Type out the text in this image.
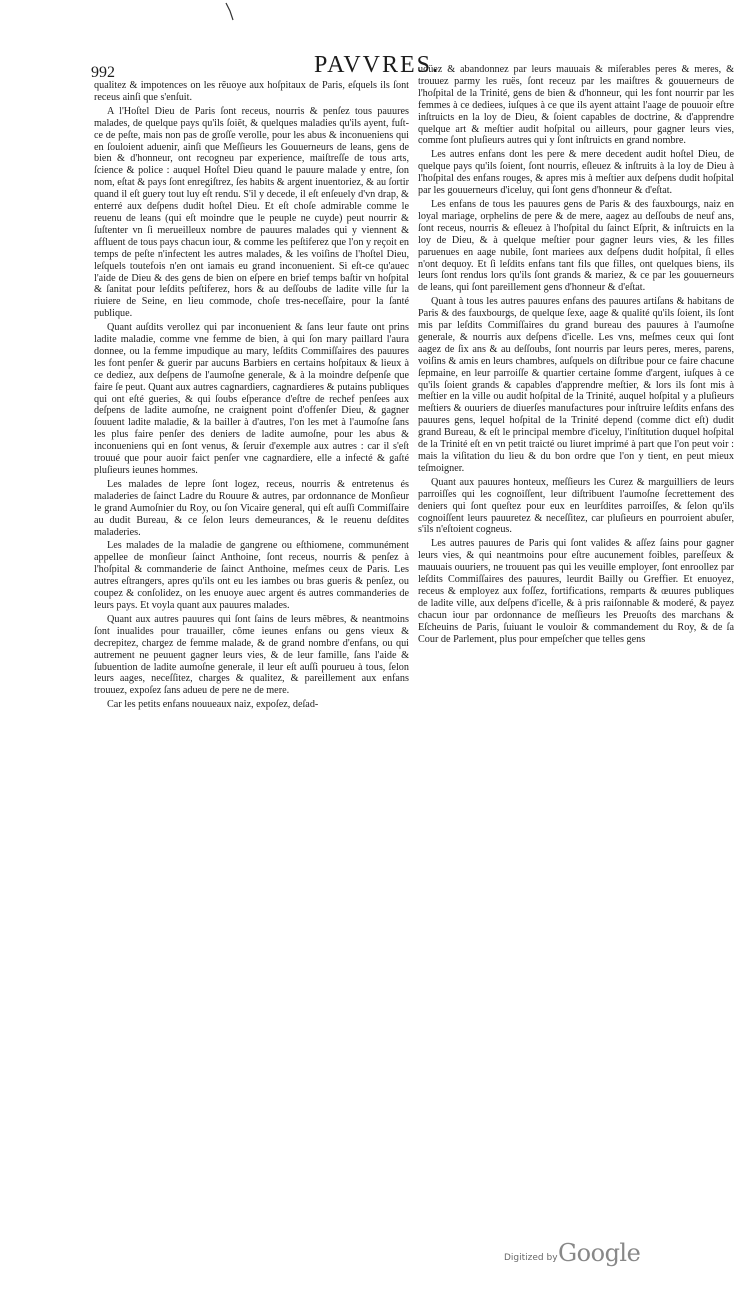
992	PAVVRES.

qualitez & impotences on les rẽuoye aux hoſpitaux de Paris, eſquels ils ſont receus ainſi que s'enſuit.

A l'Hoſtel Dieu de Paris ſont receus, nourris & penſez tous pauures malades, de quelque pays qu'ils ſoiẽt, & quelques maladies qu'ils ayent, fuſt-ce de peſte, mais non pas de groſſe verolle, pour les abus & inconueniens qui en ſouloient aduenir, ainſi que Meſſieurs les Gouuerneurs de leans, gens de bien & d'honneur, ont recogneu par experience, maiſtreſſe de tous arts, ſcience & police : auquel Hoſtel Dieu quand le pauure malade y entre, ſon nom, eſtat & pays ſont enregiſtrez, ſes habits & argent inuentoriez, & au ſortir quand il eſt guery tout luy eſt rendu. S'il y decede, il eſt enſeuely d'vn drap, & enterré aux deſpens dudit hoſtel Dieu. Et eſt choſe admirable comme le reuenu de leans (qui eſt moindre que le peuple ne cuyde) peut nourrir & ſuſtenter vn ſi merueilleux nombre de pauures malades qui y viennent & affluent de tous pays chacun iour, & comme les peſtiferez que l'on y reçoit en temps de peſte n'infectent les autres malades, & les voiſins de l'hoſtel Dieu, leſquels toutefois n'en ont iamais eu grand inconuenient. Si eſt-ce qu'auec l'aide de Dieu & des gens de bien on eſpere en brief temps baſtir vn hoſpital & ſanitat pour leſdits peſtiferez, hors & au deſſoubs de ladite ville ſur la riuiere de Seine, en lieu commode, choſe tres-neceſſaire, pour la ſanté publique.

Quant auſdits verollez qui par inconuenient & ſans leur faute ont prins ladite maladie, comme vne femme de bien, à qui ſon mary paillard l'aura donnee, ou la femme impudique au mary, leſdits Commiſſaires des pauures les font penſer & guerir par aucuns Barbiers en certains hoſpitaux & lieux à ce dediez, aux deſpens de l'aumoſne generale, & à la moindre deſpenſe que faire ſe peut. Quant aux autres cagnardiers, cagnardieres & putains publiques qui ont eſté gueries, & qui ſoubs eſperance d'eſtre de rechef penſees aux deſpens de ladite aumoſne, ne craignent point d'offenſer Dieu, & gagner ſouuent ladite maladie, & la bailler à d'autres, l'on les met à l'aumoſne ſans les plus faire penſer des deniers de ladite aumoſne, pour les abus & inconueniens qui en ſont venus, & ſeruir d'exemple aux autres : car il s'eſt trouué que pour auoir faict penſer vne cagnardiere, elle a infecté & gaſté pluſieurs ieunes hommes.

Les malades de lepre ſont logez, receus, nourris & entretenus és maladeries de ſainct Ladre du Rouure & autres, par ordonnance de Monſieur le grand Aumoſnier du Roy, ou ſon Vicaire general, qui eſt auſſi Commiſſaire au dudit Bureau, & ce ſelon leurs demeurances, & le reuenu deſdites maladeries.

Les malades de la maladie de gangrene ou eſthiomene, communément appellee de monſieur ſainct Anthoine, ſont receus, nourris & penſez à l'hoſpital & commanderie de ſainct Anthoine, meſmes ceux de Paris. Les autres eſtrangers, apres qu'ils ont eu les iambes ou bras gueris & penſez, ou coupez & conſolidez, on les enuoye auec argent és autres commanderies de leurs pays. Et voyla quant aux pauures malades.

Quant aux autres pauures qui ſont ſains de leurs mẽbres, & neantmoins ſont inualides pour trauailler, cõme ieunes enfans ou gens vieux & decrepitez, chargez de femme malade, & de grand nombre d'enfans, ou qui autrement ne peuuent gagner leurs vies, & de leur famille, ſans l'aide & ſubuention de ladite aumoſne generale, il leur eſt auſſi pourueu à tous, ſelon leurs aages, neceſſitez, charges & qualitez, & pareillement aux enfans trouuez, expoſez ſans adueu de pere ne de mere.

Car les petits enfans nouueaux naiz, expoſez, deſad-

uoüez & abandonnez par leurs mauuais & miſerables peres & meres, & trouuez parmy les ruës, ſont receuz par les maiſtres & gouuerneurs de l'hoſpital de la Trinité, gens de bien & d'honneur, qui les font nourrir par les femmes à ce dediees, iuſques à ce que ils ayent attaint l'aage de pouuoir eſtre inſtruicts en la loy de Dieu, & ſoient capables de doctrine, & d'apprendre quelque art & meſtier audit hoſpital ou ailleurs, pour gagner leurs vies, comme ſont pluſieurs autres qui y ſont inſtruicts en grand nombre.

Les autres enfans dont les pere & mere decedent audit hoſtel Dieu, de quelque pays qu'ils ſoient, ſont nourris, eſleuez & inſtruits à la loy de Dieu à l'hoſpital des enfans rouges, & apres mis à meſtier aux deſpens dudit hoſpital par les gouuerneurs d'iceluy, qui ſont gens d'honneur & d'eſtat.

Les enfans de tous les pauures gens de Paris & des fauxbourgs, naiz en loyal mariage, orphelins de pere & de mere, aagez au deſſoubs de neuf ans, ſont receus, nourris & eſleuez à l'hoſpital du ſainct Eſprit, & inſtruicts en la loy de Dieu, & à quelque meſtier pour gagner leurs vies, & les filles paruenues en aage nubile, ſont mariees aux deſpens dudit hoſpital, ſi elles n'ont dequoy. Et ſi leſdits enfans tant fils que filles, ont quelques biens, ils leurs ſont rendus lors qu'ils ſont grands & mariez, & ce par les gouuerneurs de leans, qui ſont pareillement gens d'honneur & d'eſtat.

Quant à tous les autres pauures enfans des pauures artiſans & habitans de Paris & des fauxbourgs, de quelque ſexe, aage & qualité qu'ils ſoient, ils ſont mis par leſdits Commiſſaires du grand bureau des pauures à l'aumoſne generale, & nourris aux deſpens d'icelle. Les vns, meſmes ceux qui ſont aagez de ſix ans & au deſſoubs, ſont nourris par leurs peres, meres, parens, voiſins & amis en leurs chambres, auſquels on diſtribue pour ce faire chacune ſepmaine, en leur parroiſſe & quartier certaine ſomme d'argent, iuſques à ce qu'ils ſoient grands & capables d'apprendre meſtier, & lors ils ſont mis à meſtier en la ville ou audit hoſpital de la Trinité, auquel hoſpital y a pluſieurs meſtiers & ouuriers de diuerſes manufactures pour inſtruire leſdits enfans des pauures gens, lequel hoſpital de la Trinité depend (comme dict eſt) dudit grand Bureau, & eſt le principal membre d'iceluy, l'inſtitution duquel hoſpital de la Trinité eſt en vn petit traicté ou liuret imprimé à part que l'on peut voir : mais la viſitation du lieu & du bon ordre que l'on y tient, en peut mieux teſmoigner.

Quant aux pauures honteux, meſſieurs les Curez & marguilliers de leurs parroiſſes qui les cognoiſſent, leur diſtribuent l'aumoſne ſecrettement des deniers qui ſont queſtez pour eux en leurſdites parroiſſes, & ſelon qu'ils cognoiſſent leurs pauuretez & neceſſitez, car pluſieurs en pourroient abuſer, s'ils n'eſtoient cogneus.

Les autres pauures de Paris qui ſont valides & aſſez ſains pour gagner leurs vies, & qui neantmoins pour eſtre aucunement foibles, pareſſeux & mauuais ouuriers, ne trouuent pas qui les veuille employer, ſont enroollez par leſdits Commiſſaires des pauures, leurdit Bailly ou Greffier. Et enuoyez, receus & employez aux foſſez, fortifications, remparts & œuures publiques de ladite ville, aux deſpens d'icelle, & à pris raiſonnable & moderé, & payez chacun iour par ordonnance de meſſieurs les Preuoſts des marchans & Eſcheuins de Paris, ſuiuant le vouloir & commandement du Roy, & de ſa Cour de Parlement, plus pour empeſcher que telles gens

Digitized by Google
